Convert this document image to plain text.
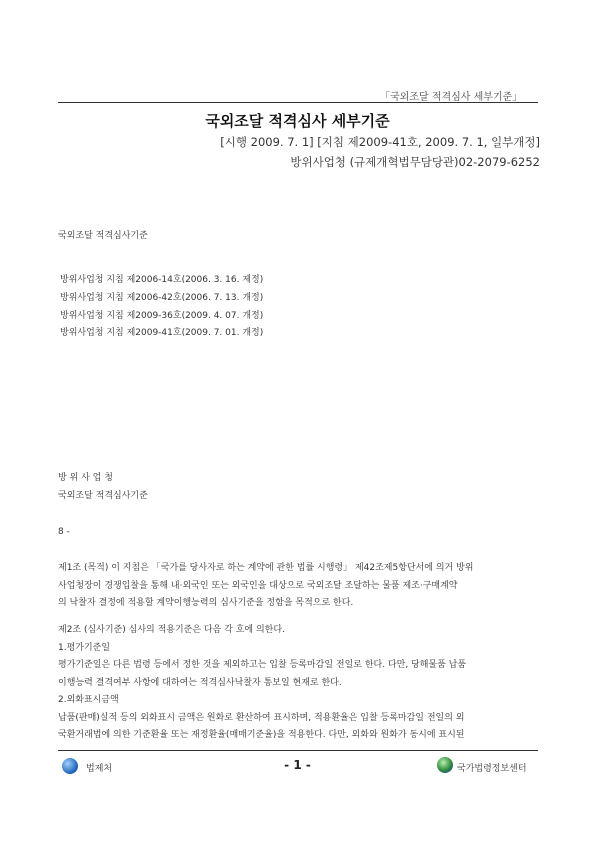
「국외조달 적격심사 세부기준」
국외조달 적격심사 세부기준
[시행 2009. 7. 1] [지침 제2009-41호, 2009. 7. 1, 일부개정]
방위사업청 (규제개혁법무담당관)02-2079-6252
국외조달 적격심사기준
방위사업청 지침 제2006-14호(2006. 3. 16. 제정)
방위사업청 지침 제2006-42호(2006. 7. 13. 개정)
방위사업청 지침 제2009-36호(2009. 4. 07. 개정)
방위사업청 지침 제2009-41호(2009. 7. 01. 개정)
방 위 사 업 청
국외조달 적격심사기준
8 -

제1조 (목적) 이 지침은 「국가를 당사자로 하는 계약에 관한 법률 시행령」 제42조제5항단서에 의거 방위

사업청장이 경쟁입찰을 통해 내·외국인 또는 외국인을 대상으로 국외조달 조달하는 물품 제조·구매계약

의 낙찰자 결정에 적용할 계약이행능력의 심사기준을 정함을 목적으로 한다.

제2조 (심사기준) 심사의 적용기준은 다음 각 호에 의한다.

1.평가기준일

평가기준일은 다른 법령 등에서 정한 것을 제외하고는 입찰 등록마감일 전일로 한다. 다만, 당해물품 납품

이행능력 결격여부 사항에 대하여는 적격심사낙찰자 통보일 현재로 한다.

2.외화표시금액

납품(판매)실적 등의 외화표시 금액은 원화로 환산하여 표시하며, 적용환율은 입찰 등록마감일 전일의 외

국환거래법에 의한 기준환율 또는 재정환율(매매기준율)을 적용한다. 다만, 외화와 원화가 동시에 표시된

법제처	- 1 -	국가법령정보센터
